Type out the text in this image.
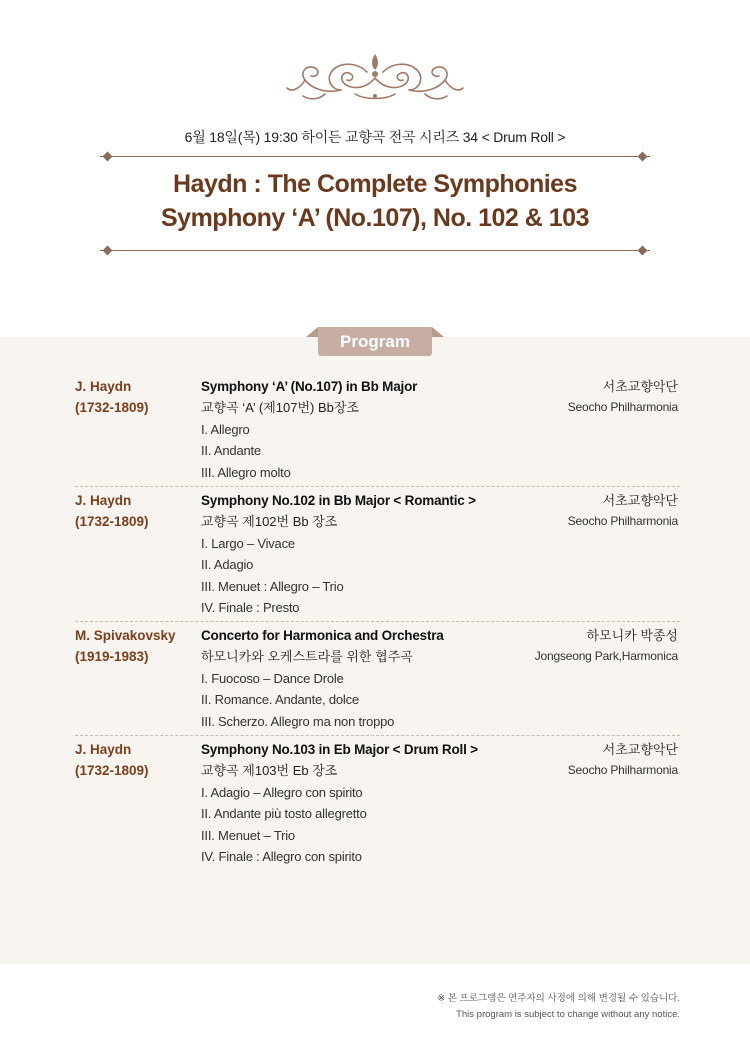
6월 18일(목) 19:30 하이든 교향곡 전곡 시리즈 34 < Drum Roll >
Haydn : The Complete Symphonies
Symphony ‘A’ (No.107), No. 102 & 103
Program
J. Haydn
(1732-1809)
Symphony ‘A’ (No.107) in Bb Major
교향곡 ‘A’ (제107번) Bb장조
I. Allegro
II. Andante
III. Allegro molto
서초교향악단
Seocho Philharmonia
J. Haydn
(1732-1809)
Symphony No.102 in Bb Major < Romantic >
교향곡 제102번 Bb 장조
I. Largo – Vivace
II. Adagio
III. Menuet : Allegro – Trio
IV. Finale : Presto
서초교향악단
Seocho Philharmonia
M. Spivakovsky
(1919-1983)
Concerto for Harmonica and Orchestra
하모니카와 오케스트라를 위한 협주곡
I. Fuocoso – Dance Drole
II. Romance. Andante, dolce
III. Scherzo. Allegro ma non troppo
하모니카 박종성
Jongseong Park,Harmonica
J. Haydn
(1732-1809)
Symphony No.103 in Eb Major < Drum Roll >
교향곡 제103번 Eb 장조
I. Adagio – Allegro con spirito
II. Andante più tosto allegretto
III. Menuet – Trio
IV. Finale : Allegro con spirito
서초교향악단
Seocho Philharmonia
※ 본 프로그램은 연주자의 사정에 의해 변경될 수 있습니다.
This program is subject to change without any notice.
